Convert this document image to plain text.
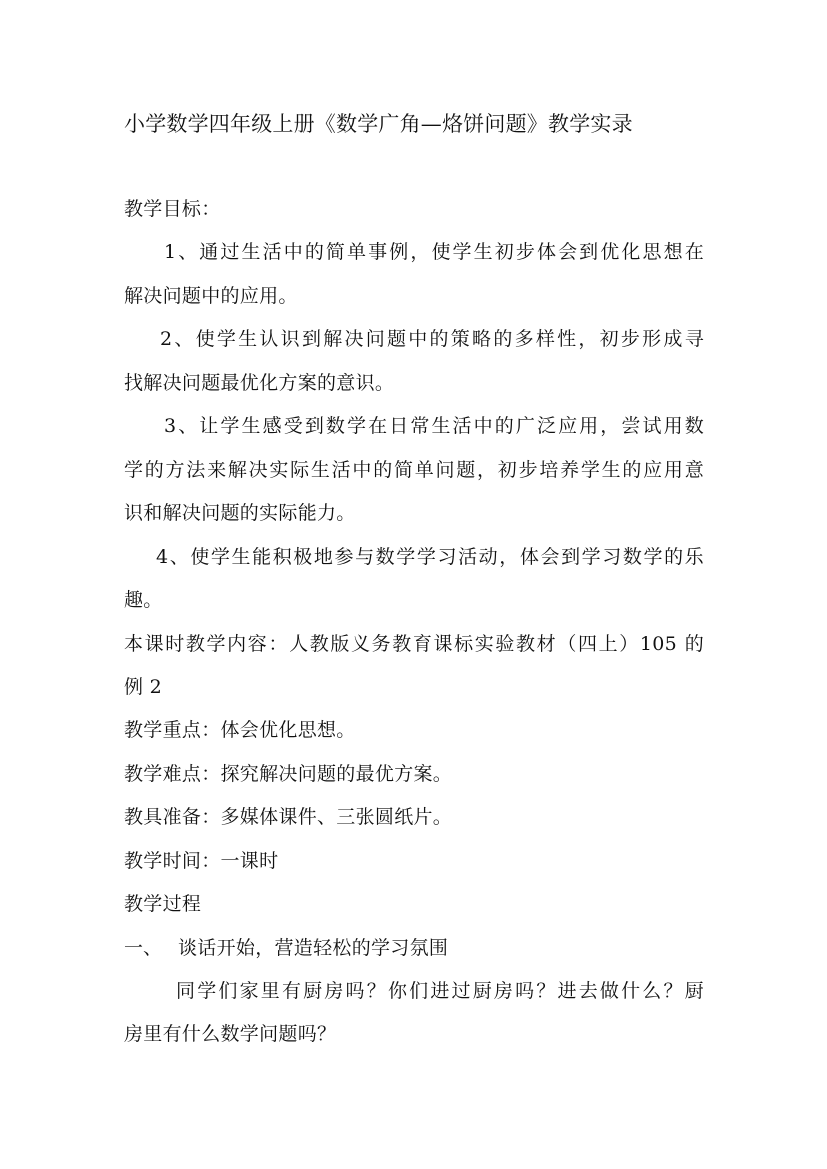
小学数学四年级上册《数学广角—烙饼问题》教学实录
教学目标：
1、通过生活中的简单事例，使学生初步体会到优化思想在
解决问题中的应用。
2、使学生认识到解决问题中的策略的多样性，初步形成寻
找解决问题最优化方案的意识。
3、让学生感受到数学在日常生活中的广泛应用，尝试用数
学的方法来解决实际生活中的简单问题，初步培养学生的应用意
识和解决问题的实际能力。
4、使学生能积极地参与数学学习活动，体会到学习数学的乐
趣。
本课时教学内容：人教版义务教育课标实验教材（四上）105 的
例 2
教学重点：体会优化思想。
教学难点：探究解决问题的最优方案。
教具准备：多媒体课件、三张圆纸片。
教学时间：一课时
教学过程
一、 谈话开始，营造轻松的学习氛围
同学们家里有厨房吗？你们进过厨房吗？进去做什么？厨
房里有什么数学问题吗？
